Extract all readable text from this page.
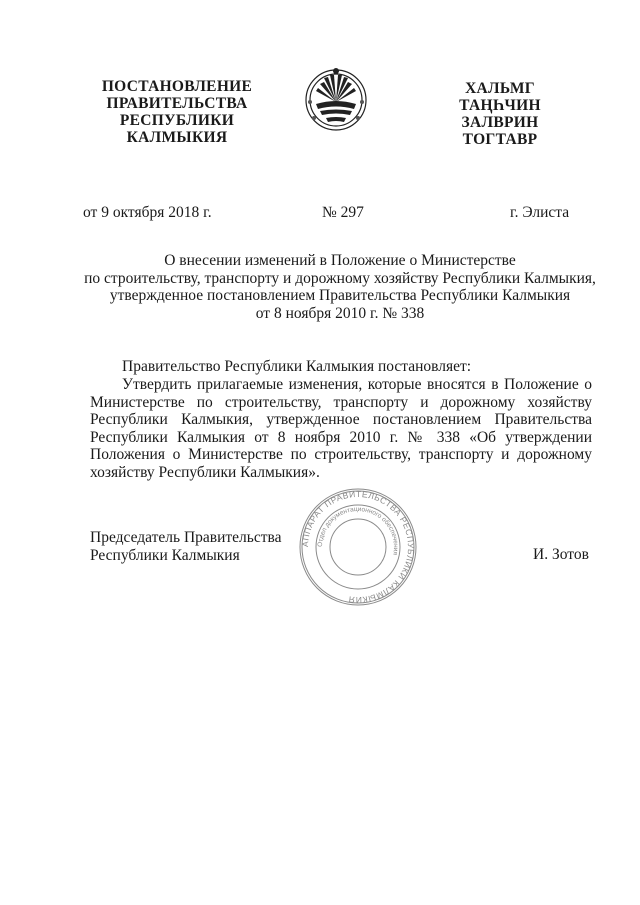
ПОСТАНОВЛЕНИЕ
ПРАВИТЕЛЬСТВА
РЕСПУБЛИКИ
КАЛМЫКИЯ
ХАЛЬМГ
ТАҢҺЧИН
ЗАЛВРИН
ТОГТАВР
от 9 октября 2018 г.	№ 297	г. Элиста
О внесении изменений в Положение о Министерстве
по строительству, транспорту и дорожному хозяйству Республики Калмыкия,
утвержденное постановлением Правительства Республики Калмыкия
от 8 ноября 2010 г. № 338
Правительство Республики Калмыкия постановляет:
Утвердить прилагаемые изменения, которые вносятся в Положение о Министерстве по строительству, транспорту и дорожному хозяйству Республики Калмыкия, утвержденное постановлением Правительства Республики Калмыкия от 8 ноября 2010 г. № 338 «Об утверждении Положения о Министерстве по строительству, транспорту и дорожному хозяйству Республики Калмыкия».
АППАРАТ ПРАВИТЕЛЬСТВА РЕСПУБЛИКИ КАЛМЫКИЯ
Отдел документационного обеспечения
Председатель Правительства
Республики Калмыкия	И. Зотов
